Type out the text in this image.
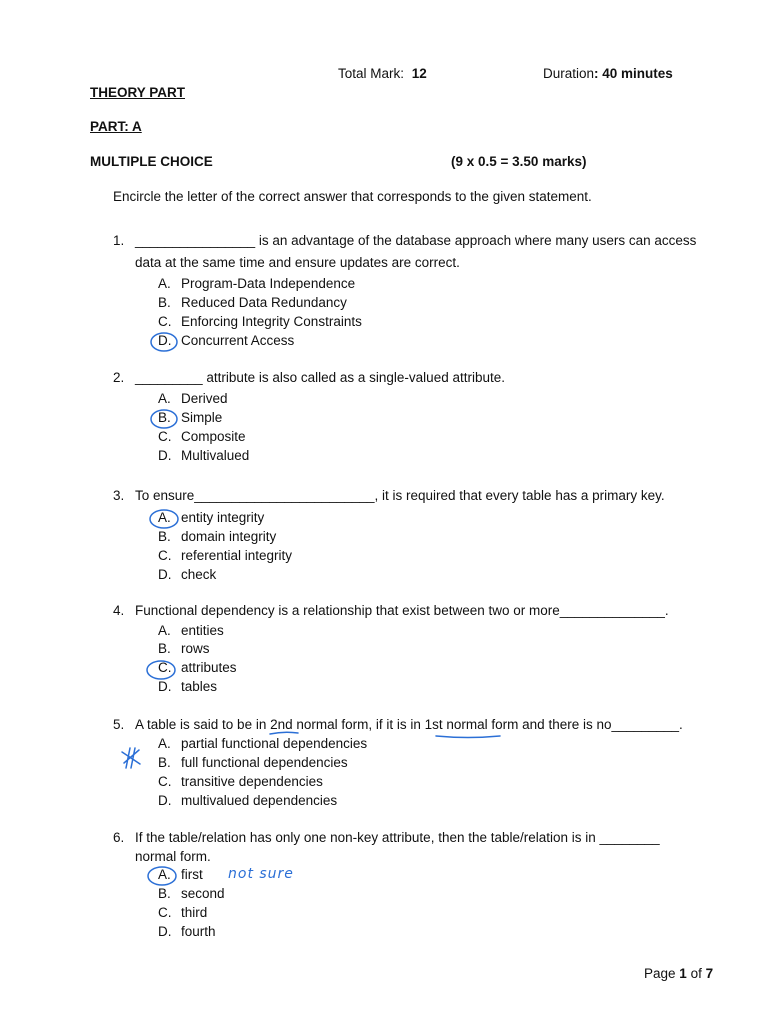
Total Mark: 12	Duration: 40 minutes
THEORY PART
PART: A
MULTIPLE CHOICE	(9 x 0.5 = 3.50 marks)
Encircle the letter of the correct answer that corresponds to the given statement.
1. ________________ is an advantage of the database approach where many users can access
data at the same time and ensure updates are correct.
A. Program-Data Independence
B. Reduced Data Redundancy
C. Enforcing Integrity Constraints
D. Concurrent Access
2. _________ attribute is also called as a single-valued attribute.
A. Derived
B. Simple
C. Composite
D. Multivalued
3. To ensure________________________, it is required that every table has a primary key.
A. entity integrity
B. domain integrity
C. referential integrity
D. check
4. Functional dependency is a relationship that exist between two or more______________.
A. entities
B. rows
C. attributes
D. tables
5. A table is said to be in 2nd normal form, if it is in 1st normal form and there is no_________.
A. partial functional dependencies
B. full functional dependencies
C. transitive dependencies
D. multivalued dependencies
6. If the table/relation has only one non-key attribute, then the table/relation is in ________
normal form.
A. first
B. second
C. third
D. fourth
not sure
Page 1 of 7
